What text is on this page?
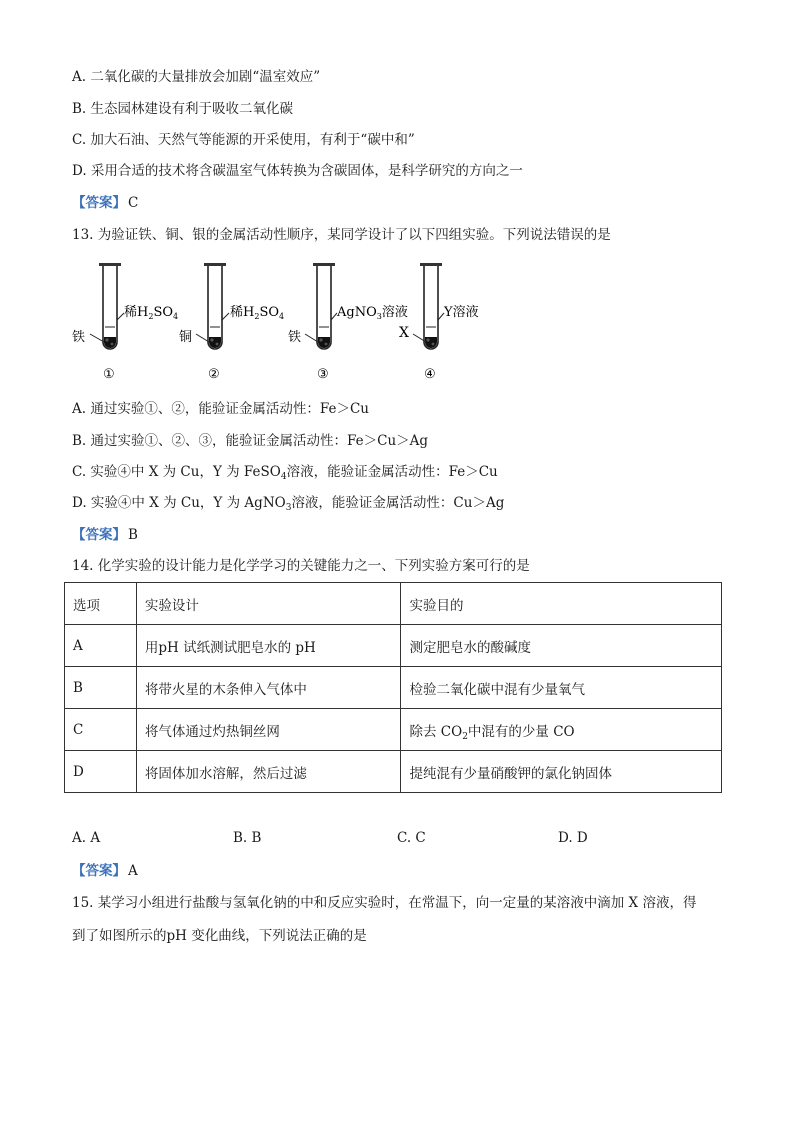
A. 二氧化碳的大量排放会加剧“温室效应”
B. 生态园林建设有利于吸收二氧化碳
C. 加大石油、天然气等能源的开采使用，有利于“碳中和”
D. 采用合适的技术将含碳温室气体转换为含碳固体，是科学研究的方向之一
【答案】 C
13. 为验证铁、铜、银的金属活动性顺序，某同学设计了以下四组实验。下列说法错误的是
稀$H_2SO_4$
铁
①
稀$H_2SO_4$
铜
②
AgNO$_3$溶液
铁
③
Y溶液
X
④
A. 通过实验①、②，能验证金属活动性：Fe＞Cu
B. 通过实验①、②、③，能验证金属活动性：Fe＞Cu＞Ag
C. 实验④中 X 为 Cu，Y 为 FeSO$_4$溶液，能验证金属活动性：Fe＞Cu
D. 实验④中 X 为 Cu，Y 为 AgNO$_3$溶液，能验证金属活动性：Cu＞Ag
【答案】 B
14. 化学实验的设计能力是化学学习的关键能力之一、下列实验方案可行的是
选项	实验设计	实验目的
A	用pH 试纸测试肥皂水的 pH	测定肥皂水的酸碱度
B	将带火星的木条伸入气体中	检验二氧化碳中混有少量氧气
C	将气体通过灼热铜丝网	除去 $CO_2$中混有的少量 CO
D	将固体加水溶解，然后过滤	提纯混有少量硝酸钾的氯化钠固体
A. A	B. B	C. C	D. D
【答案】 A
15. 某学习小组进行盐酸与氢氧化钠的中和反应实验时，在常温下，向一定量的某溶液中滴加 X 溶液，得
到了如图所示的pH 变化曲线，下列说法正确的是
